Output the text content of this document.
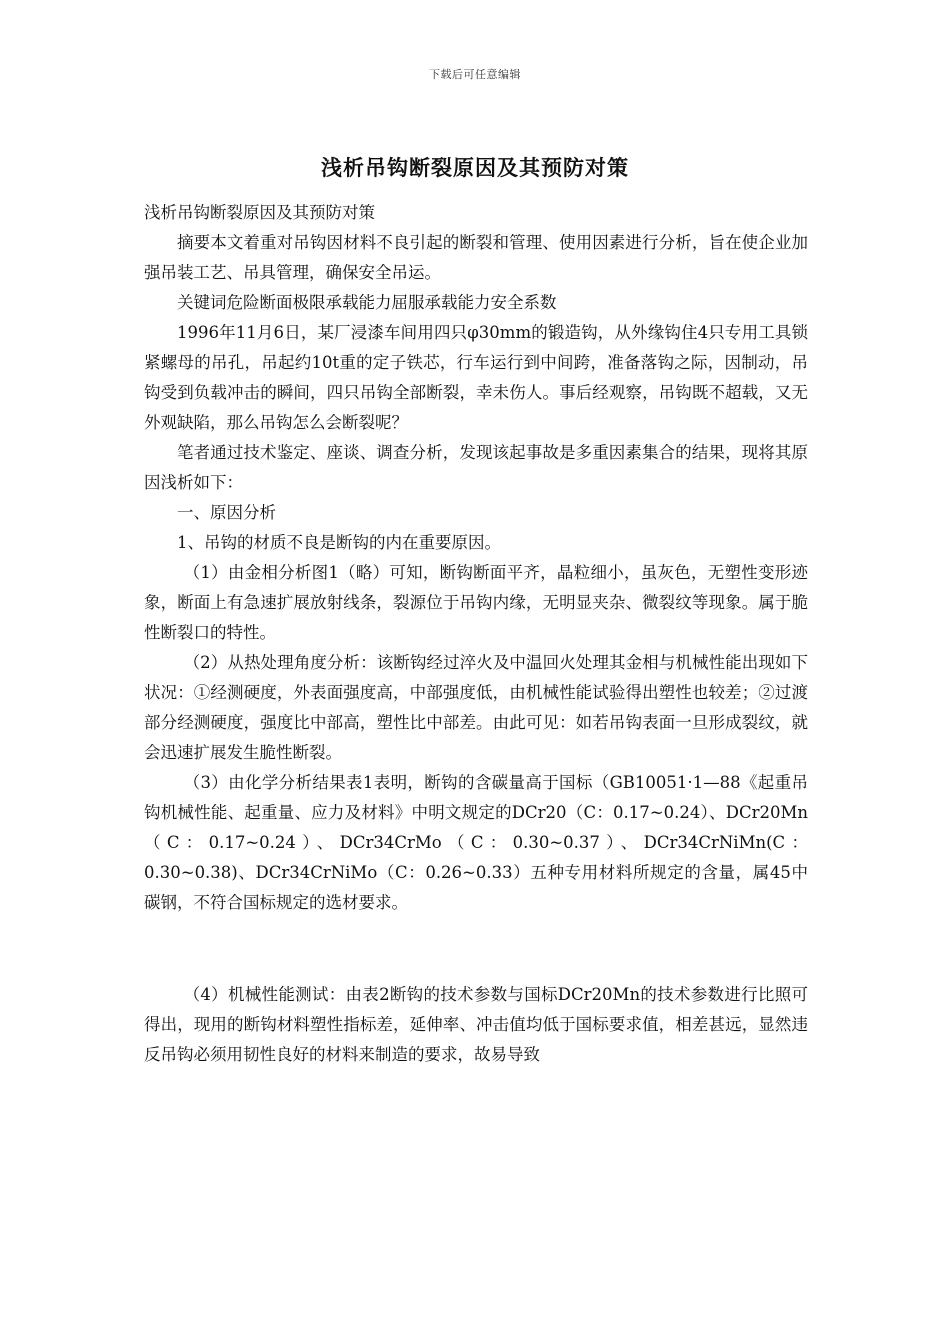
下载后可任意编辑
浅析吊钩断裂原因及其预防对策

浅析吊钩断裂原因及其预防对策

摘要本文着重对吊钩因材料不良引起的断裂和管理、使用因素进行分析，旨在使企业加强吊装工艺、吊具管理，确保安全吊运。

关键词危险断面极限承载能力屈服承载能力安全系数

1996年11月6日，某厂浸漆车间用四只φ30mm的锻造钩，从外缘钩住4只专用工具锁紧螺母的吊孔，吊起约10t重的定子铁芯，行车运行到中间跨，准备落钩之际，因制动，吊钩受到负载冲击的瞬间，四只吊钩全部断裂，幸未伤人。事后经观察，吊钩既不超载，又无外观缺陷，那么吊钩怎么会断裂呢？

笔者通过技术鉴定、座谈、调查分析，发现该起事故是多重因素集合的结果，现将其原因浅析如下：

一、原因分析

1、吊钩的材质不良是断钩的内在重要原因。

（1）由金相分析图1（略）可知，断钩断面平齐，晶粒细小，虽灰色，无塑性变形迹象，断面上有急速扩展放射线条，裂源位于吊钩内缘，无明显夹杂、微裂纹等现象。属于脆性断裂口的特性。

（2）从热处理角度分析：该断钩经过淬火及中温回火处理其金相与机械性能出现如下状况：①经测硬度，外表面强度高，中部强度低，由机械性能试验得出塑性也较差；②过渡部分经测硬度，强度比中部高，塑性比中部差。由此可见：如若吊钩表面一旦形成裂纹，就会迅速扩展发生脆性断裂。

（3）由化学分析结果表1表明，断钩的含碳量高于国标（GB10051·1—88《起重吊钩机械性能、起重量、应力及材料》中明文规定的DCr20（C：0.17~0.24）、DCr20Mn（C：0.17~0.24）、DCr34CrMo（C：0.30~0.37）、DCr34CrNiMn(C：0.30~0.38)、DCr34CrNiMo（C：0.26~0.33）五种专用材料所规定的含量，属45中碳钢，不符合国标规定的选材要求。

（4）机械性能测试：由表2断钩的技术参数与国标DCr20Mn的技术参数进行比照可得出，现用的断钩材料塑性指标差，延伸率、冲击值均低于国标要求值，相差甚远，显然违反吊钩必须用韧性良好的材料来制造的要求，故易导致
